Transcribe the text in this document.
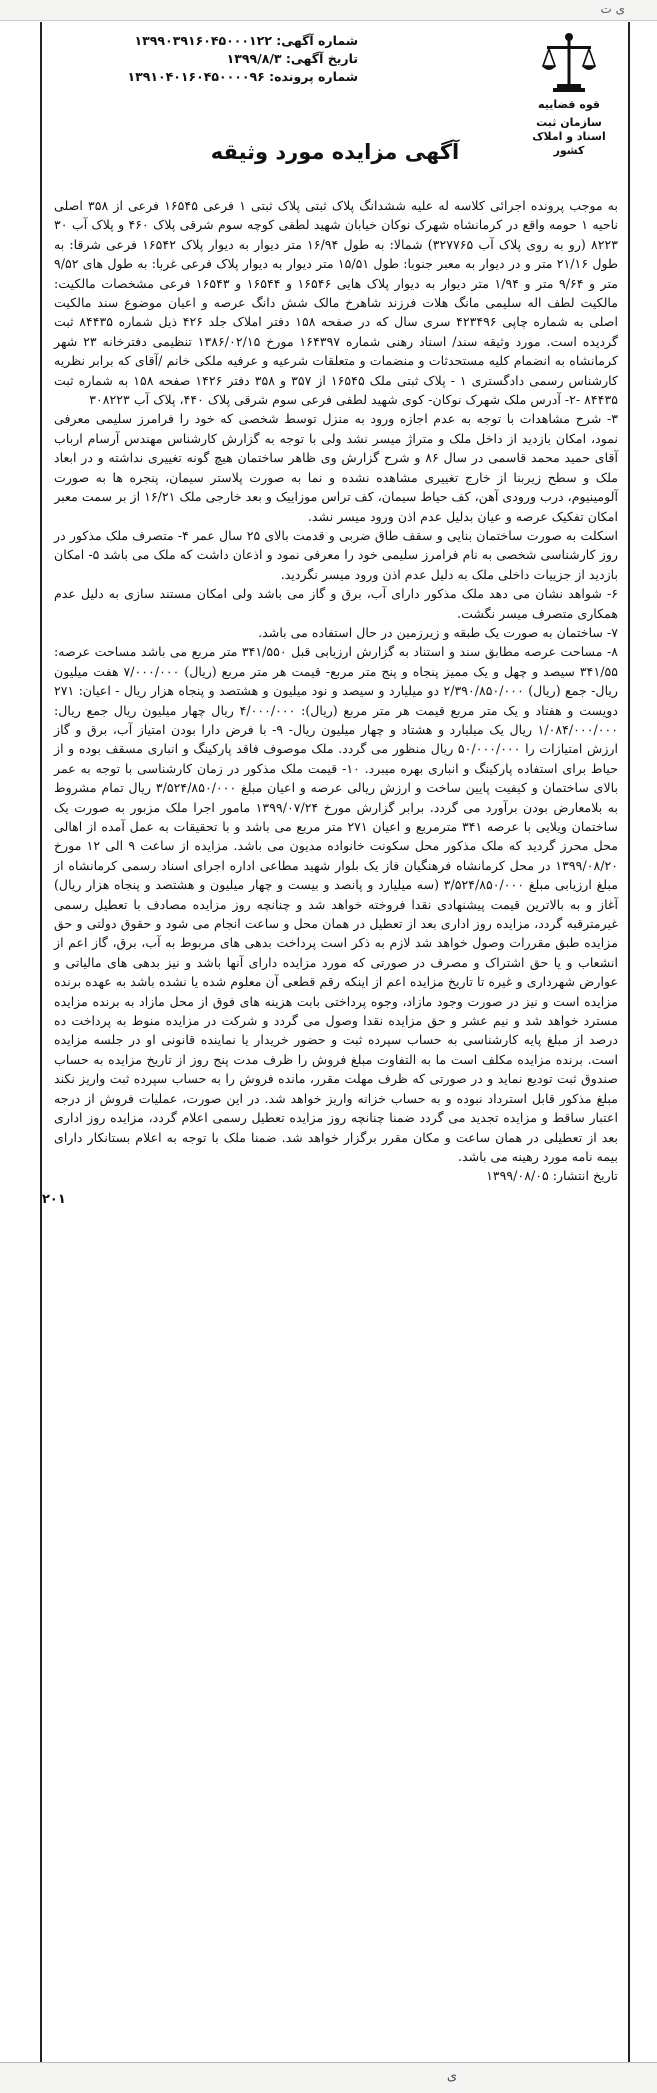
ی ت
قوه قضاییه
سازمان ثبت اسناد و املاک کشور
شماره آگهی: ۱۳۹۹۰۳۹۱۶۰۴۵۰۰۰۱۲۲
تاریخ آگهی: ۱۳۹۹/۸/۳
شماره پرونده: ۱۳۹۱۰۴۰۱۶۰۴۵۰۰۰۰۹۶
آگهی مزایده مورد وثیقه

به موجب پرونده اجرائی کلاسه له علیه ششدانگ پلاک ثبتی پلاک ثبتی ۱ فرعی ۱۶۵۴۵ فرعی از ۳۵۸ اصلی ناحیه ۱ حومه واقع در کرمانشاه شهرک نوکان خیابان شهید لطفی کوچه سوم شرقی پلاک ۴۶۰ و پلاک آب ۳۰ ۸۲۲۳ (رو به روی پلاک آب ۳۲۷۷۶۵) شمالا: به طول ۱۶/۹۴ متر دیوار به دیوار پلاک ۱۶۵۴۲ فرعی شرقا: به طول ۲۱/۱۶ متر و در دیوار به معبر جنوبا: طول ۱۵/۵۱ متر دیوار به دیوار پلاک فرعی غربا: به طول های ۹/۵۲ متر و ۹/۶۴ متر و ۱/۹۴ متر دیوار به دیوار پلاک هایی ۱۶۵۴۶ و ۱۶۵۴۴ و ۱۶۵۴۳ فرعی مشخصات مالکیت: مالکیت لطف اله سلیمی مانگ هلات فرزند شاهرخ مالک شش دانگ عرصه و اعیان موضوع سند مالکیت اصلی به شماره چاپی ۴۲۳۴۹۶ سری سال که در صفحه ۱۵۸ دفتر املاک جلد ۴۲۶ ذیل شماره ۸۴۴۳۵ ثبت گردیده است. مورد وثیقه سند/ اسناد رهنی شماره ۱۶۴۳۹۷ مورخ ۱۳۸۶/۰۲/۱۵ تنظیمی دفترخانه ۲۳ شهر کرمانشاه به انضمام کلیه مستحدثات و منضمات و متعلقات شرعیه و عرفیه ملکی خانم /آقای که برابر نظریه کارشناس رسمی دادگستری ۱ - پلاک ثبتی ملک ۱۶۵۴۵ از ۳۵۷ و ۳۵۸ دفتر ۱۴۲۶ صفحه ۱۵۸ به شماره ثبت ۸۴۴۳۵ -۲- آدرس ملک شهرک نوکان- کوی شهید لطفی فرعی سوم شرقی پلاک ۴۴۰، پلاک آب ۳۰۸۲۲۳

۳- شرح مشاهدات با توجه به عدم اجازه ورود به منزل توسط شخصی که خود را فرامرز سلیمی معرفی نمود، امکان بازدید از داخل ملک و متراژ میسر نشد ولی با توجه به گزارش کارشناس مهندس آرسام ارباب آقای حمید محمد قاسمی در سال ۸۶ و شرح گزارش وی ظاهر ساختمان هیچ گونه تغییری نداشته و در ابعاد ملک و سطح زیربنا از خارج تغییری مشاهده نشده و نما به صورت پلاستر سیمان، پنجره ها به صورت آلومینیوم، درب ورودی آهن، کف حیاط سیمان، کف تراس موزاییک و بعد خارجی ملک ۱۶/۲۱ از بر سمت معبر

امکان تفکیک عرصه و عیان بدلیل عدم اذن ورود میسر نشد.

اسکلت به صورت ساختمان بنایی و سقف طاق ضربی و قدمت بالای ۲۵ سال عمر ۴- متصرف ملک مذکور در روز کارشناسی شخصی به نام فرامرز سلیمی خود را معرفی نمود و اذعان داشت که ملک می باشد ۵- امکان بازدید از جزییات داخلی ملک به دلیل عدم اذن ورود میسر نگردید.

۶- شواهد نشان می دهد ملک مذکور دارای آب، برق و گاز می باشد ولی امکان مستند سازی به دلیل عدم همکاری متصرف میسر نگشت.

۷- ساختمان به صورت یک طبقه و زیرزمین در حال استفاده می باشد.

۸- مساحت عرصه مطابق سند و استناد به گزارش ارزیابی قبل ۳۴۱/۵۵۰ متر مربع می باشد مساحت عرصه: ۳۴۱/۵۵ سیصد و چهل و یک ممیز پنجاه و پنج متر مربع- قیمت هر متر مربع (ریال) ۷/۰۰۰/۰۰۰ هفت میلیون ریال- جمع (ریال) ۲/۳۹۰/۸۵۰/۰۰۰ دو میلیارد و سیصد و نود میلیون و هشتصد و پنجاه هزار ریال - اعیان: ۲۷۱ دویست و هفتاد و یک متر مربع قیمت هر متر مربع (ریال): ۴/۰۰۰/۰۰۰ ریال چهار میلیون ریال جمع ریال: ۱/۰۸۴/۰۰۰/۰۰۰ ریال یک میلیارد و هشتاد و چهار میلیون ریال- ۹- با فرض دارا بودن امتیاز آب، برق و گاز ارزش امتیازات را ۵۰/۰۰۰/۰۰۰ ریال منظور می گردد. ملک موصوف فاقد پارکینگ و انباری مسقف بوده و از حیاط برای استفاده پارکینگ و انباری بهره میبرد. ۱۰- قیمت ملک مذکور در زمان کارشناسی با توجه به عمر بالای ساختمان و کیفیت پایین ساخت و ارزش ریالی عرصه و اعیان مبلغ ۳/۵۲۴/۸۵۰/۰۰۰ ریال تمام مشروط به بلامعارض بودن برآورد می گردد. برابر گزارش مورخ ۱۳۹۹/۰۷/۲۴ مامور اجرا ملک مزبور به صورت یک ساختمان ویلایی با عرصه ۳۴۱ مترمربع و اعیان ۲۷۱ متر مربع می باشد و با تحقیقات به عمل آمده از اهالی محل محرز گردید که ملک مذکور محل سکونت خانواده مدیون می باشد. مزایده از ساعت ۹ الی ۱۲ مورخ ۱۳۹۹/۰۸/۲۰ در محل کرمانشاه فرهنگیان فاز یک بلوار شهید مطاعی اداره اجرای اسناد رسمی کرمانشاه از مبلغ ارزیابی مبلغ ۳/۵۲۴/۸۵۰/۰۰۰ (سه میلیارد و پانصد و بیست و چهار میلیون و هشتصد و پنجاه هزار ریال) آغاز و به بالاترین قیمت پیشنهادی نقدا فروخته خواهد شد و چنانچه روز مزایده مصادف با تعطیل رسمی غیرمترقبه گردد، مزایده روز اداری بعد از تعطیل در همان محل و ساعت انجام می شود و حقوق دولتی و حق مزایده طبق مقررات وصول خواهد شد لازم به ذکر است پرداخت بدهی های مربوط به آب، برق، گاز اعم از انشعاب و یا حق اشتراک و مصرف در صورتی که مورد مزایده دارای آنها باشد و نیز بدهی های مالیاتی و عوارض شهرداری و غیره تا تاریخ مزایده اعم از اینکه رقم قطعی آن معلوم شده یا نشده باشد به عهده برنده مزایده است و نیز در صورت وجود مازاد، وجوه پرداختی بابت هزینه های فوق از محل مازاد به برنده مزایده مسترد خواهد شد و نیم عشر و حق مزایده نقدا وصول می گردد و شرکت در مزایده منوط به پرداخت ده درصد از مبلغ پایه کارشناسی به حساب سپرده ثبت و حضور خریدار یا نماینده قانونی او در جلسه مزایده است. برنده مزایده مکلف است ما به التفاوت مبلغ فروش را ظرف مدت پنج روز از تاریخ مزایده به حساب صندوق ثبت تودیع نماید و در صورتی که ظرف مهلت مقرر، مانده فروش را به حساب سپرده ثبت واریز نکند مبلغ مذکور قابل استرداد نبوده و به حساب خزانه واریز خواهد شد. در این صورت، عملیات فروش از درجه اعتبار ساقط و مزایده تجدید می گردد ضمنا چنانچه روز مزایده تعطیل رسمی اعلام گردد، مزایده روز اداری بعد از تعطیلی در همان ساعت و مکان مقرر برگزار خواهد شد. ضمنا ملک با توجه به اعلام بستانکار دارای بیمه نامه مورد رهینه می باشد.

تاریخ انتشار: ۱۳۹۹/۰۸/۰۵

۲۰۱
ی
